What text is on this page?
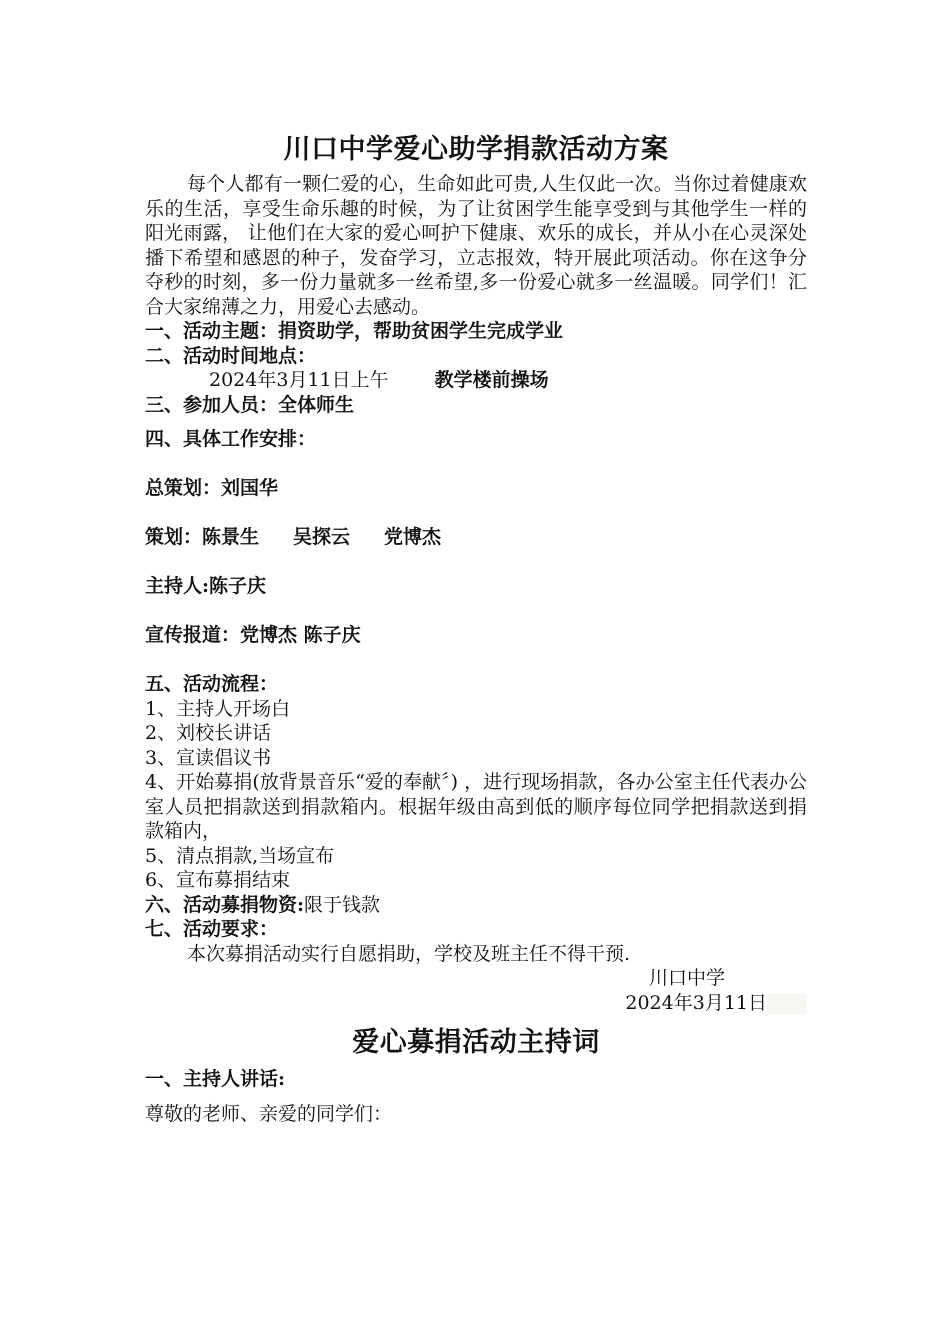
川口中学爱心助学捐款活动方案

每个人都有一颗仁爱的心，生命如此可贵,人生仅此一次。当你过着健康欢乐的生活，享受生命乐趣的时候，为了让贫困学生能享受到与其他学生一样的阳光雨露， 让他们在大家的爱心呵护下健康、欢乐的成长，并从小在心灵深处播下希望和感恩的种子，发奋学习，立志报效，特开展此项活动。你在这争分夺秒的时刻，多一份力量就多一丝希望,多一份爱心就多一丝温暖。同学们！汇合大家绵薄之力，用爱心去感动。

一、活动主题：捐资助学，帮助贫困学生完成学业

二、活动时间地点：

2024年3月11日上午 教学楼前操场

三、参加人员：全体师生

四、具体工作安排：

总策划：刘国华

策划：陈景生 吴探云 党博杰

主持人:陈子庆

宣传报道：党博杰 陈子庆

五、活动流程：

1、主持人开场白

2、刘校长讲话

3、宣读倡议书

4、开始募捐(放背景音乐“爱的奉献〞) ，进行现场捐款，各办公室主任代表办公室人员把捐款送到捐款箱内。根据年级由高到低的顺序每位同学把捐款送到捐款箱内，

5、清点捐款,当场宣布

6、宣布募捐结束

六、活动募捐物资:限于钱款

七、活动要求：

本次募捐活动实行自愿捐助，学校及班主任不得干预.

川口中学

2024年3月11日

爱心募捐活动主持词

一、主持人讲话:

尊敬的老师、亲爱的同学们：
